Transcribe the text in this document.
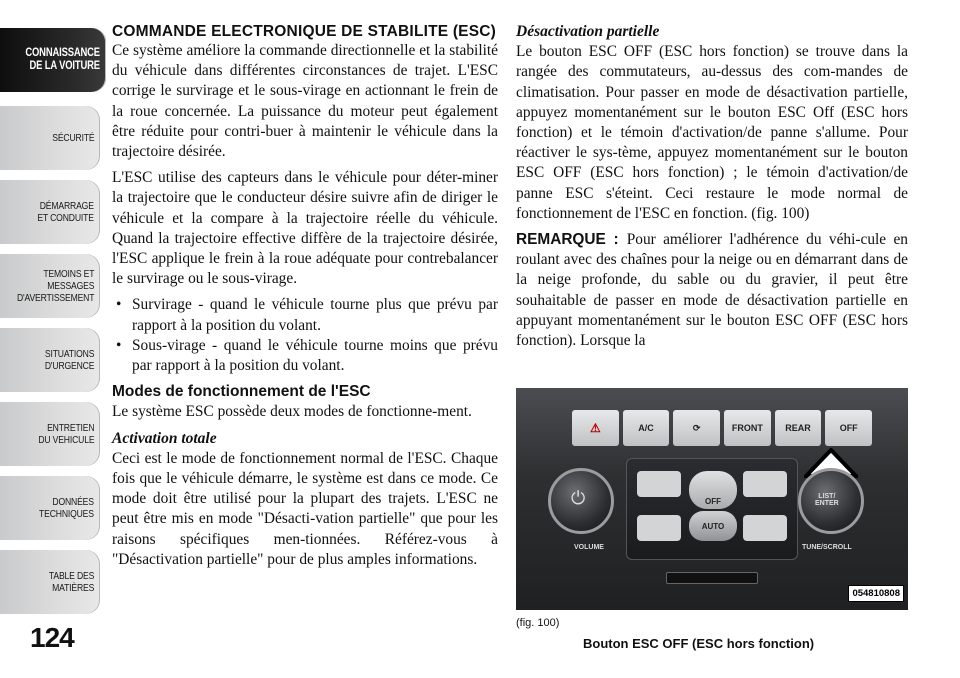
CONNAISSANCE
DE LA VOITURE
SÉCURITÉ
DÉMARRAGE
ET CONDUITE
TEMOINS ET
MESSAGES
D'AVERTISSEMENT
SITUATIONS
D'URGENCE
ENTRETIEN
DU VEHICULE
DONNÉES
TECHNIQUES
TABLE DES
MATIÈRES
124
COMMANDE ELECTRONIQUE DE STABILITE (ESC)

Ce système améliore la commande directionnelle et la stabilité du véhicule dans différentes circonstances de trajet. L'ESC corrige le survirage et le sous-virage en actionnant le frein de la roue concernée. La puissance du moteur peut également être réduite pour contri-buer à maintenir le véhicule dans la trajectoire désirée.

L'ESC utilise des capteurs dans le véhicule pour déter-miner la trajectoire que le conducteur désire suivre afin de diriger le véhicule et la compare à la trajectoire réelle du véhicule. Quand la trajectoire effective diffère de la trajectoire désirée, l'ESC applique le frein à la roue adéquate pour contrebalancer le survirage ou le sous-virage.

• Survirage - quand le véhicule tourne plus que prévu par rapport à la position du volant.
• Sous-virage - quand le véhicule tourne moins que prévu par rapport à la position du volant.
Modes de fonctionnement de l'ESC

Le système ESC possède deux modes de fonctionne-ment.

Activation totale

Ceci est le mode de fonctionnement normal de l'ESC. Chaque fois que le véhicule démarre, le système est dans ce mode. Ce mode doit être utilisé pour la plupart des trajets. L'ESC ne peut être mis en mode "Désacti-vation partielle" que pour les raisons spécifiques men-tionnées. Référez-vous à "Désactivation partielle" pour de plus amples informations.

Désactivation partielle

Le bouton ESC OFF (ESC hors fonction) se trouve dans la rangée des commutateurs, au-dessus des com-mandes de climatisation. Pour passer en mode de désactivation partielle, appuyez momentanément sur le bouton ESC Off (ESC hors fonction) et le témoin d'activation/de panne s'allume. Pour réactiver le sys-tème, appuyez momentanément sur le bouton ESC OFF (ESC hors fonction) ; le témoin d'activation/de panne ESC s'éteint. Ceci restaure le mode normal de fonctionnement de l'ESC en fonction. (fig. 100)

REMARQUE : Pour améliorer l'adhérence du véhi-cule en roulant avec des chaînes pour la neige ou en démarrant dans de la neige profonde, du sable ou du gravier, il peut être souhaitable de passer en mode de désactivation partielle en appuyant momentanément sur le bouton ESC OFF (ESC hors fonction). Lorsque la

⚠	A/C	⟳	FRONT	REAR	OFF
⏻	LIST/
ENTER
OFF
AUTO
VOLUME	TUNE/SCROLL
054810808
(fig. 100)
Bouton ESC OFF (ESC hors fonction)
